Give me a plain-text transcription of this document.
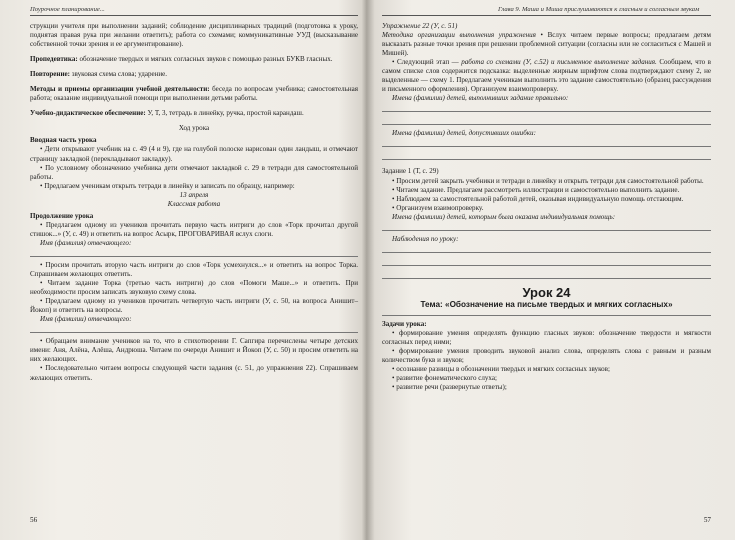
Поурочное планирование...

cтрукции учителя при выполнении заданий; соблюдение дисциплинарных традиций (подготовка к уроку, поднятая правая рука при желании ответить); работа со схемами; коммуникативные УУД (высказывание собственной точки зрения и ее аргументирование).

Пропедевтика: обозначение твердых и мягких согласных звуков с помощью разных БУКВ гласных.

Повторение: звуковая схема слова; ударение.

Методы и приемы организации учебной деятельности: беседа по вопросам учебника; самостоятельная работа; оказание индивидуальной помощи при выполнении детьми работы.

Учебно-дидактическое обеспечение: У, Т, 3, тетрадь в линейку, ручка, простой карандаш.

Ход урока

Вводная часть урока

• Дети открывают учебник на с. 49 (4 и 9), где на голубой полоске нарисован один ландыш, и отмечают страницу закладкой (перекладывают закладку).

• По условному обозначению учебника дети отмечают закладкой с. 29 в тетради для самостоятельной работы.

• Предлагаем ученикам открыть тетради в линейку и записать по образцу, например:

13 апреля

Классная работа

Продолжение урока

• Предлагаем одному из учеников прочитать первую часть интриги до слов «Торк прочитал другой стишок...» (У, с. 49) и ответить на вопрос Асырк, ПРОГОВАРИВАЯ вслух слоги.

Имя (фамилия) отвечающего:

• Просим прочитать вторую часть интриги до слов «Торк усмехнулся...» и ответить на вопрос Торка. Спрашиваем желающих ответить.

• Читаем задание Торка (третью часть интриги) до слов «Помоги Маше...» и ответить. При необходимости просим записать звуковую схему слова.

• Предлагаем одному из учеников прочитать четвертую часть интриги (У, с. 50, на вопроса Анишит–Йокоп) и ответить на вопросы.

Имя (фамилии) отвечающего:

• Обращаем внимание учеников на то, что в стихотворении Г. Сапгира перечислены четыре детских имени: Аня, Алёна, Алёша, Андрюша. Читаем по очереди Анишит и Йокоп (У, с. 50) и просим ответить на них желающих.

• Последовательно читаем вопросы следующей части задания (с. 51, до упражнения 22). Спрашиваем желающих ответить.

56
Глава 9. Маша и Миша прислушиваются к гласным и согласным звукам

Упражнение 22 (У, с. 51)

Методика организации выполнения упражнения • Вслух читаем первые вопросы; предлагаем детям высказать разные точки зрения при решении проблемной ситуации (согласны или не согласиться с Машей и Мишей).

• Следующий этап — работа со схемами (У, с.52) и письменное выполнение задания. Сообщаем, что в самом списке слов содержится подсказка: выделенные жирным шрифтом слова подтверждают схему 2, не выделенные — схему 1. Предлагаем ученикам выполнить это задание самостоятельно (образец рассуждения и письменного оформления). Организуем взаимопроверку.

Имена (фамилии) детей, выполнивших задание правильно:

Имена (фамилии) детей, допустивших ошибки:

Задание 1 (Т, с. 29)

• Просим детей закрыть учебники и тетради в линейку и открыть тетради для самостоятельной работы.

• Читаем задание. Предлагаем рассмотреть иллюстрации и самостоятельно выполнить задание.

• Наблюдаем за самостоятельной работой детей, оказывая индивидуальную помощь отстающим.

• Организуем взаимопроверку.

Имена (фамилии) детей, которым была оказана индивидуальная помощь:

Наблюдения по уроку:

Урок 24
Тема: «Обозначение на письме твердых и мягких согласных»

Задачи урока:

• формирование умения определять функцию гласных звуков: обозначение твердости и мягкости согласных перед ними;

• формирование умения проводить звуковой анализ слова, определять слова с равным и разным количеством букв и звуков;

• осознание разницы в обозначении твердых и мягких согласных звуков;

• развитие фонематического слуха;

• развитие речи (развернутые ответы);

57
